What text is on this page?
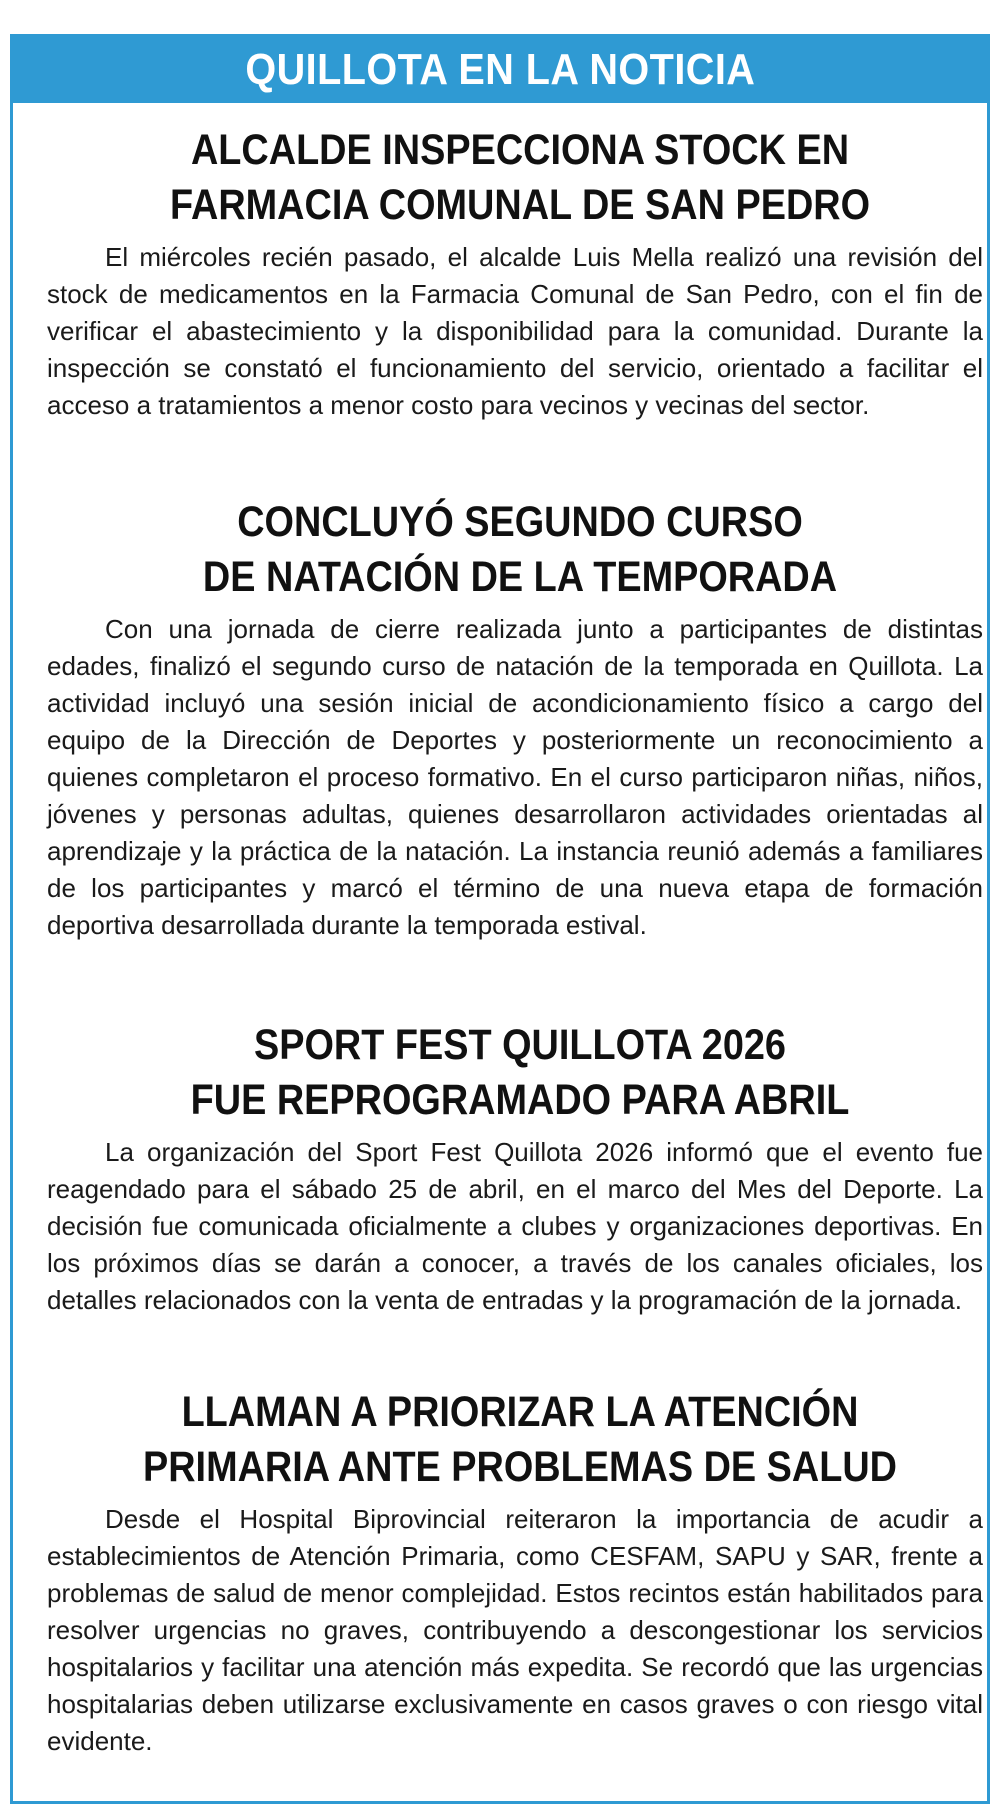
QUILLOTA EN LA NOTICIA
ALCALDE INSPECCIONA STOCK EN
FARMACIA COMUNAL DE SAN PEDRO

El miércoles recién pasado, el alcalde Luis Mella realizó una revisión del stock de medicamentos en la Farmacia Comunal de San Pedro, con el fin de verificar el abastecimiento y la disponibilidad para la comunidad. Durante la inspección se constató el funcionamiento del servicio, orientado a facilitar el acceso a tratamientos a menor costo para vecinos y vecinas del sector.

CONCLUYÓ SEGUNDO CURSO
DE NATACIÓN DE LA TEMPORADA

Con una jornada de cierre realizada junto a participantes de distintas edades, finalizó el segundo curso de natación de la temporada en Quillota. La actividad incluyó una sesión inicial de acondicionamiento físico a cargo del equipo de la Dirección de Deportes y posteriormente un reconocimiento a quienes completaron el proceso formativo. En el curso participaron niñas, niños, jóvenes y personas adultas, quienes desarrollaron actividades orientadas al aprendizaje y la práctica de la natación. La instancia reunió además a familiares de los participantes y marcó el término de una nueva etapa de formación deportiva desarrollada durante la temporada estival.

SPORT FEST QUILLOTA 2026
FUE REPROGRAMADO PARA ABRIL

La organización del Sport Fest Quillota 2026 informó que el evento fue reagendado para el sábado 25 de abril, en el marco del Mes del Deporte. La decisión fue comunicada oficialmente a clubes y organizaciones deportivas. En los próximos días se darán a conocer, a través de los canales oficiales, los detalles relacionados con la venta de entradas y la programación de la jornada.

LLAMAN A PRIORIZAR LA ATENCIÓN
PRIMARIA ANTE PROBLEMAS DE SALUD

Desde el Hospital Biprovincial reiteraron la importancia de acudir a establecimientos de Atención Primaria, como CESFAM, SAPU y SAR, frente a problemas de salud de menor complejidad. Estos recintos están habilitados para resolver urgencias no graves, contribuyendo a descongestionar los servicios hospitalarios y facilitar una atención más expedita. Se recordó que las urgencias hospitalarias deben utilizarse exclusivamente en casos graves o con riesgo vital evidente.
